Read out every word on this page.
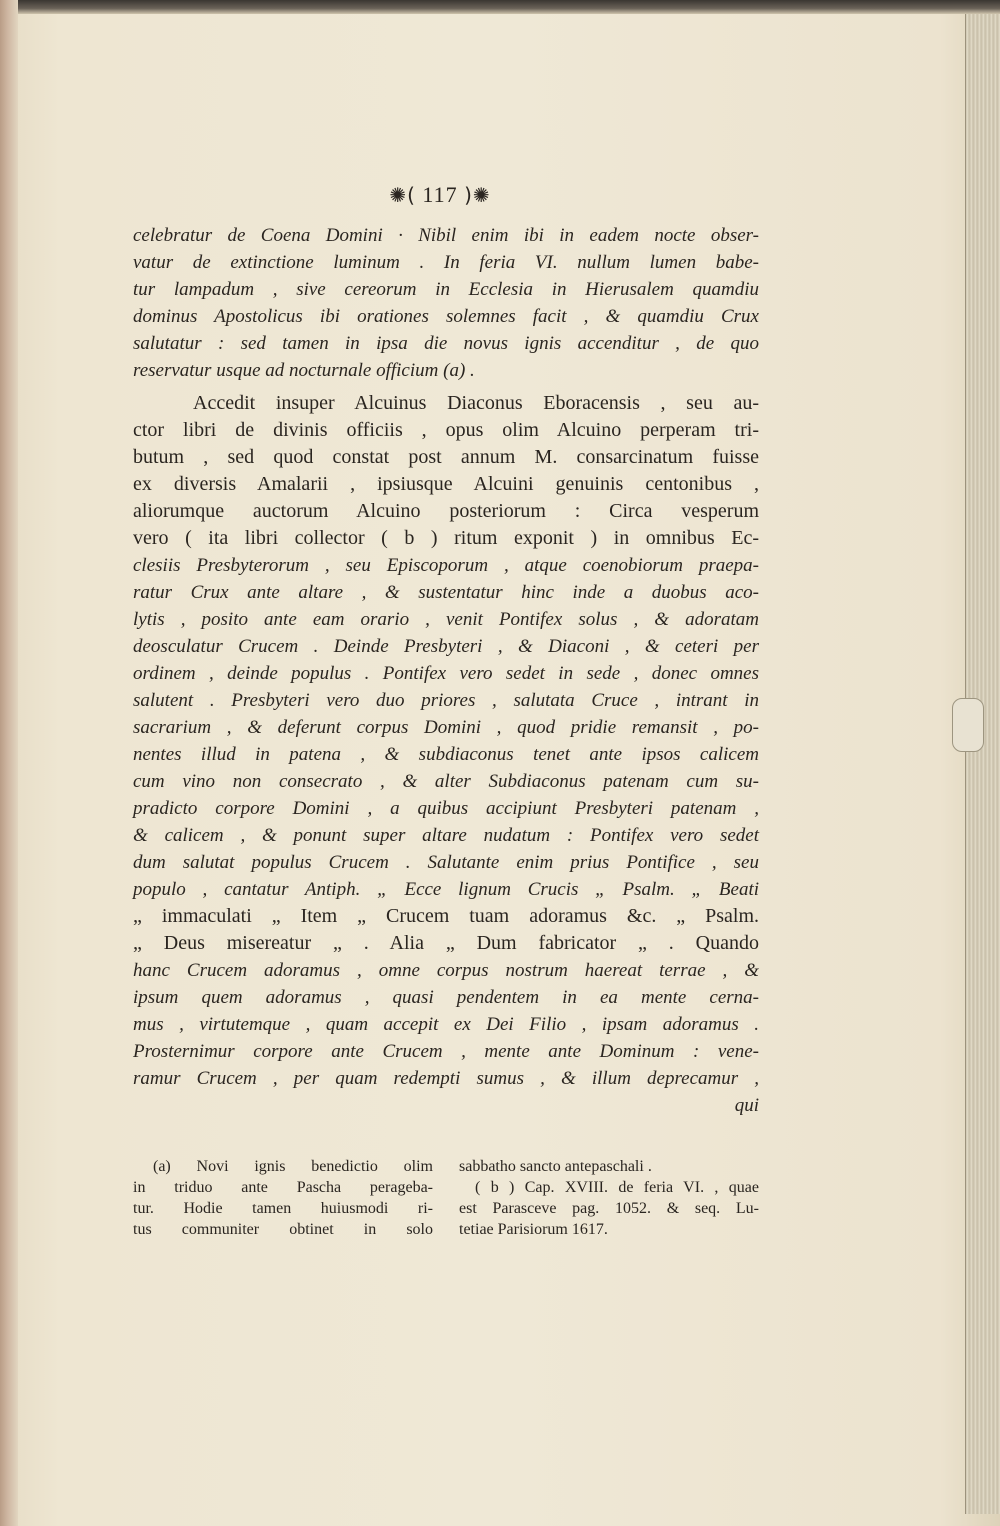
✺( 117 )✺
celebratur de Coena Domini · Nibil enim ibi in eadem nocte obser-
vatur de extinctione luminum . In feria VI. nullum lumen babe-
tur lampadum , sive cereorum in Ecclesia in Hierusalem quamdiu
dominus Apostolicus ibi orationes solemnes facit , & quamdiu Crux
salutatur : sed tamen in ipsa die novus ignis accenditur , de quo
reservatur usque ad nocturnale officium (a) .
Accedit insuper Alcuinus Diaconus Eboracensis , seu au-
ctor libri de divinis officiis , opus olim Alcuino perperam tri-
butum , sed quod constat post annum M. consarcinatum fuisse
ex diversis Amalarii , ipsiusque Alcuini genuinis centonibus ,
aliorumque auctorum Alcuino posteriorum : Circa vesperum
vero ( ita libri collector ( b ) ritum exponit ) in omnibus Ec-
clesiis Presbyterorum , seu Episcoporum , atque coenobiorum praepa-
ratur Crux ante altare , & sustentatur hinc inde a duobus aco-
lytis , posito ante eam orario , venit Pontifex solus , & adoratam
deosculatur Crucem . Deinde Presbyteri , & Diaconi , & ceteri per
ordinem , deinde populus . Pontifex vero sedet in sede , donec omnes
salutent . Presbyteri vero duo priores , salutata Cruce , intrant in
sacrarium , & deferunt corpus Domini , quod pridie remansit , po-
nentes illud in patena , & subdiaconus tenet ante ipsos calicem
cum vino non consecrato , & alter Subdiaconus patenam cum su-
pradicto corpore Domini , a quibus accipiunt Presbyteri patenam ,
& calicem , & ponunt super altare nudatum : Pontifex vero sedet
dum salutat populus Crucem . Salutante enim prius Pontifice , seu
populo , cantatur Antiph. „ Ecce lignum Crucis „ Psalm. „ Beati
„ immaculati „ Item „ Crucem tuam adoramus &c. „ Psalm.
„ Deus misereatur „ . Alia „ Dum fabricator „ . Quando
hanc Crucem adoramus , omne corpus nostrum haereat terrae , &
ipsum quem adoramus , quasi pendentem in ea mente cerna-
mus , virtutemque , quam accepit ex Dei Filio , ipsam adoramus .
Prosternimur corpore ante Crucem , mente ante Dominum : vene-
ramur Crucem , per quam redempti sumus , & illum deprecamur ,
qui
(a) Novi ignis benedictio olim
in triduo ante Pascha perageba-
tur. Hodie tamen huiusmodi ri-
tus communiter obtinet in solo
sabbatho sancto antepaschali .
( b ) Cap. XVIII. de feria VI. , quae
est Parasceve pag. 1052. & seq. Lu-
tetiae Parisiorum 1617.
